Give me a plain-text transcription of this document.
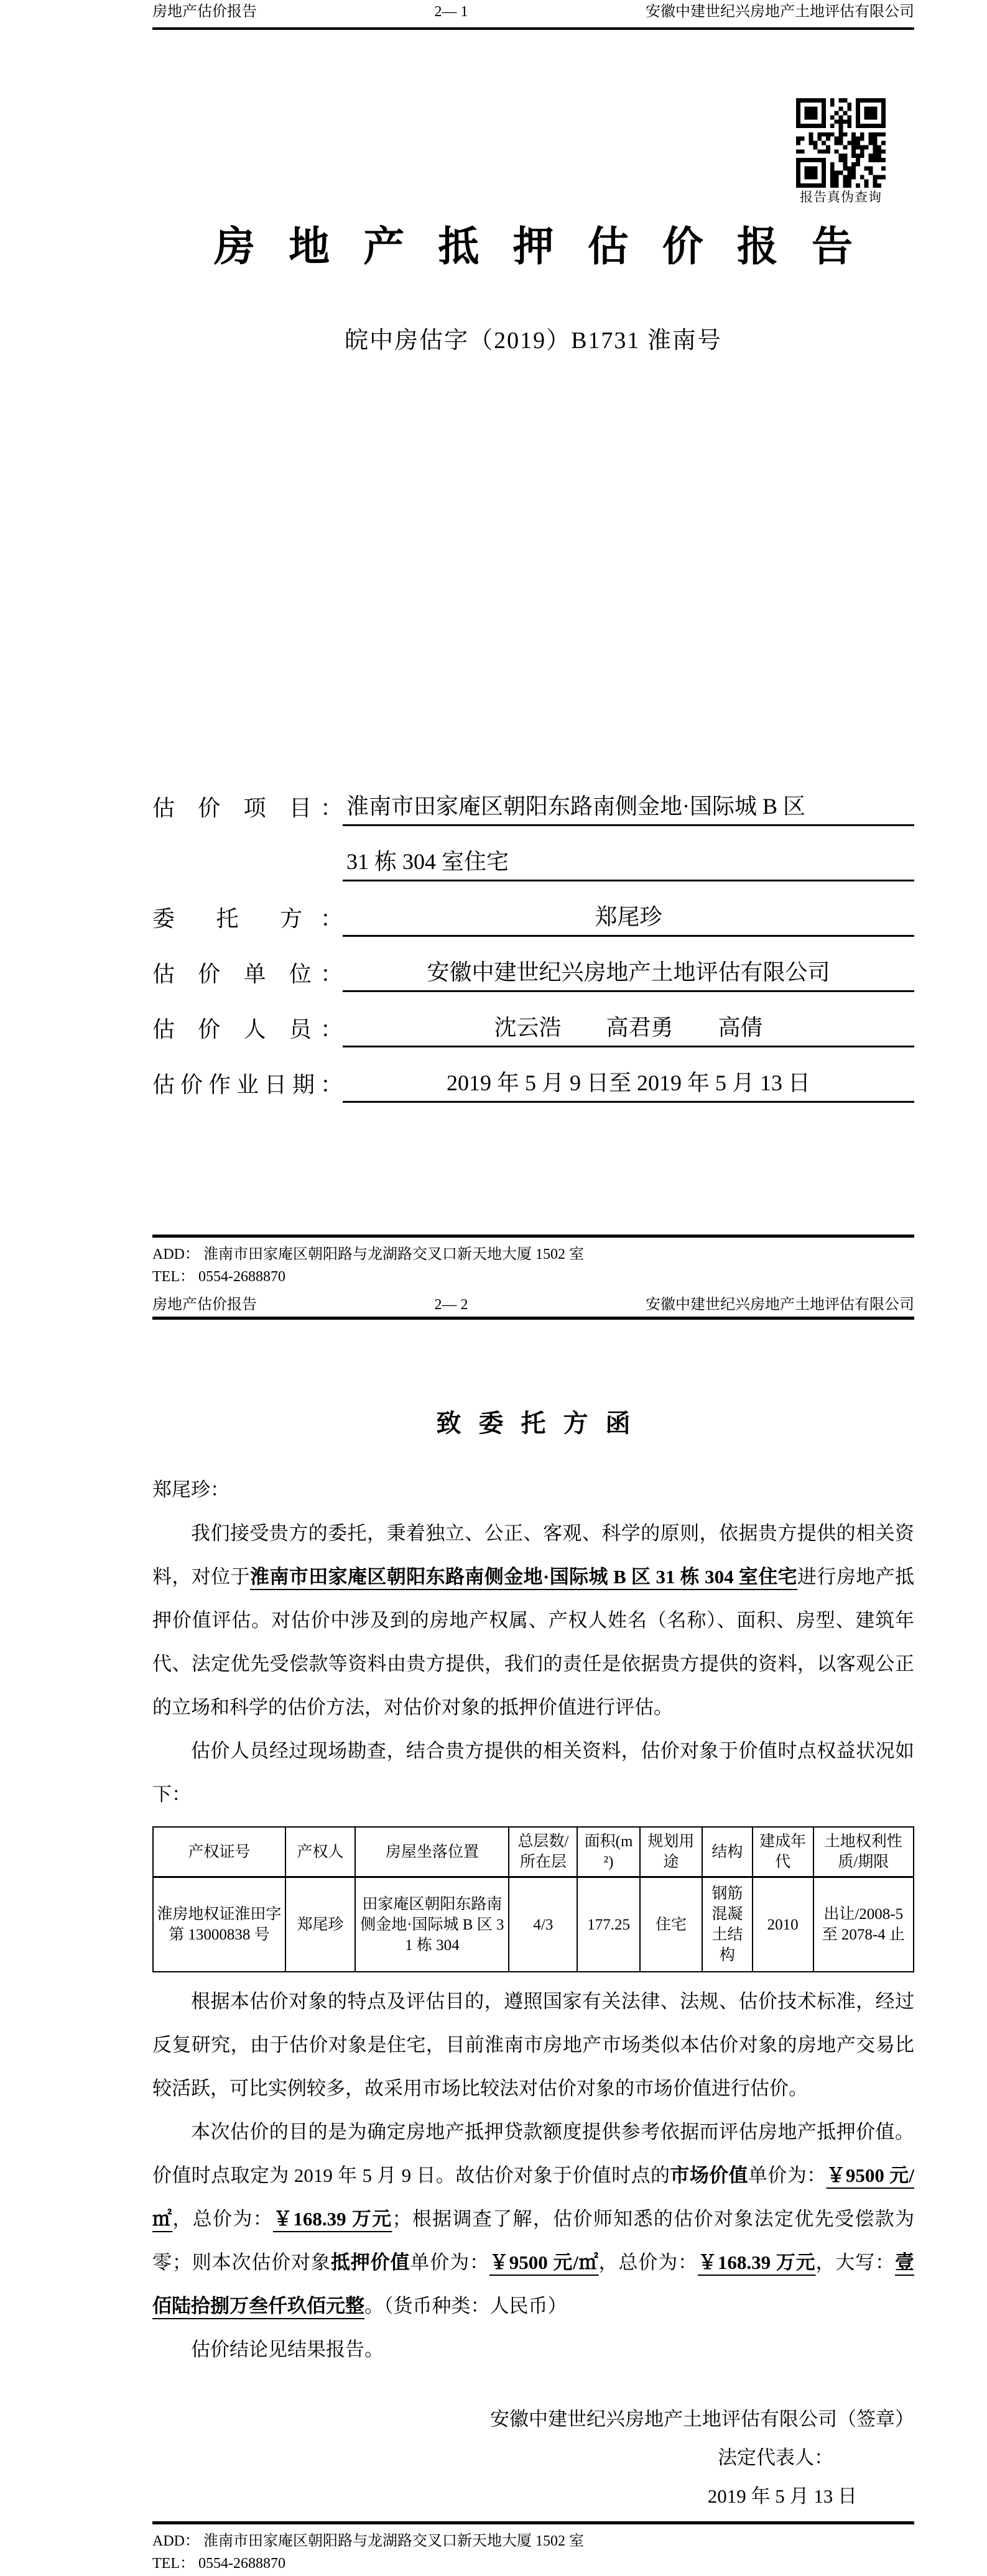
房地产估价报告	2— 1	安徽中建世纪兴房地产土地评估有限公司
报告真伪查询
房地产抵押估价报告
皖中房估字（2019）B1731 淮南号
估 价 项 目： 淮南市田家庵区朝阳东路南侧金地·国际城 B 区
31 栋 304 室住宅
委 托 方：	郑尾珍
估 价 单 位：	安徽中建世纪兴房地产土地评估有限公司
估 价 人 员：	沈云浩　　高君勇　　高倩
估价作业日期：	2019 年 5 月 9 日至 2019 年 5 月 13 日
ADD： 淮南市田家庵区朝阳路与龙湖路交叉口新天地大厦 1502 室
TEL： 0554-2688870
房地产估价报告	2— 2	安徽中建世纪兴房地产土地评估有限公司
致委托方函
郑尾珍：

我们接受贵方的委托，秉着独立、公正、客观、科学的原则，依据贵方提供的相关资料，对位于淮南市田家庵区朝阳东路南侧金地·国际城 B 区 31 栋 304 室住宅进行房地产抵押价值评估。对估价中涉及到的房地产权属、产权人姓名（名称）、面积、房型、建筑年代、法定优先受偿款等资料由贵方提供，我们的责任是依据贵方提供的资料，以客观公正的立场和科学的估价方法，对估价对象的抵押价值进行评估。

估价人员经过现场勘查，结合贵方提供的相关资料，估价对象于价值时点权益状况如下：

产权证号	产权人	房屋坐落位置	总层数/所在层	面积(m²)	规划用途	结构	建成年代	土地权利性质/期限
淮房地权证淮田字第 13000838 号	郑尾珍	田家庵区朝阳东路南侧金地·国际城 B 区 31 栋 304	4/3	177.25	住宅	钢筋混凝土结构	2010	出让/2008-5 至 2078-4 止

根据本估价对象的特点及评估目的，遵照国家有关法律、法规、估价技术标准，经过反复研究，由于估价对象是住宅，目前淮南市房地产市场类似本估价对象的房地产交易比较活跃，可比实例较多，故采用市场比较法对估价对象的市场价值进行估价。

本次估价的目的是为确定房地产抵押贷款额度提供参考依据而评估房地产抵押价值。价值时点取定为 2019 年 5 月 9 日。故估价对象于价值时点的市场价值单价为：￥9500 元/㎡，总价为：￥168.39 万元；根据调查了解，估价师知悉的估价对象法定优先受偿款为零；则本次估价对象抵押价值单价为：￥9500 元/㎡，总价为：￥168.39 万元，大写：壹佰陆拾捌万叁仟玖佰元整。（货币种类：人民币）

估价结论见结果报告。

安徽中建世纪兴房地产土地评估有限公司（签章）
法定代表人：
2019 年 5 月 13 日
ADD： 淮南市田家庵区朝阳路与龙湖路交叉口新天地大厦 1502 室
TEL： 0554-2688870
